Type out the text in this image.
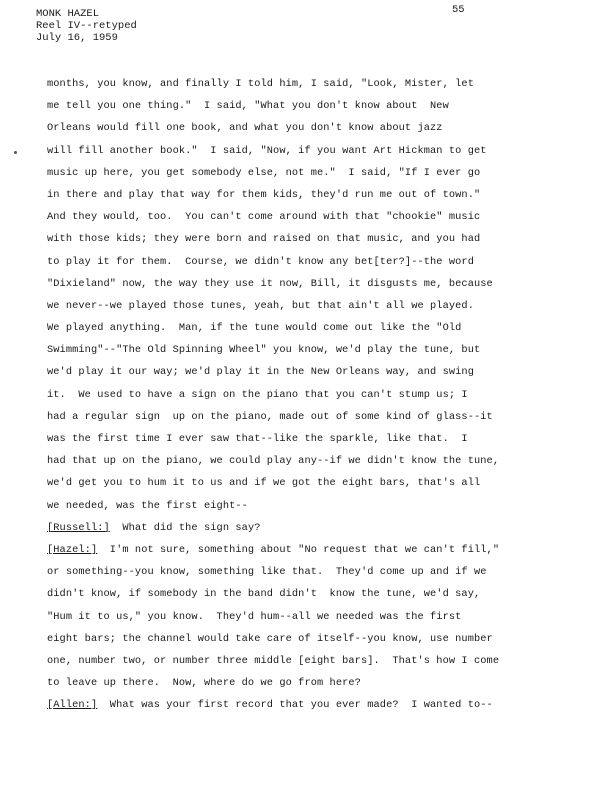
MONK HAZEL
Reel IV--retyped
July 16, 1959
55
months, you know, and finally I told him, I said, "Look, Mister, let
me tell you one thing."  I said, "What you don't know about  New
Orleans would fill one book, and what you don't know about jazz
will fill another book."  I said, "Now, if you want Art Hickman to get
music up here, you get somebody else, not me."  I said, "If I ever go
in there and play that way for them kids, they'd run me out of town."
And they would, too.  You can't come around with that "chookie" music
with those kids; they were born and raised on that music, and you had
to play it for them.  Course, we didn't know any bet[ter?]--the word
"Dixieland" now, the way they use it now, Bill, it disgusts me, because
we never--we played those tunes, yeah, but that ain't all we played.
We played anything.  Man, if the tune would come out like the "Old
Swimming"--"The Old Spinning Wheel" you know, we'd play the tune, but
we'd play it our way; we'd play it in the New Orleans way, and swing
it.  We used to have a sign on the piano that you can't stump us; I
had a regular sign  up on the piano, made out of some kind of glass--it
was the first time I ever saw that--like the sparkle, like that.  I
had that up on the piano, we could play any--if we didn't know the tune,
we'd get you to hum it to us and if we got the eight bars, that's all
we needed, was the first eight--
[Russell:]  What did the sign say?
[Hazel:]  I'm not sure, something about "No request that we can't fill,"
or something--you know, something like that.  They'd come up and if we
didn't know, if somebody in the band didn't  know the tune, we'd say,
"Hum it to us," you know.  They'd hum--all we needed was the first
eight bars; the channel would take care of itself--you know, use number
one, number two, or number three middle [eight bars].  That's how I come
to leave up there.  Now, where do we go from here?
[Allen:]  What was your first record that you ever made?  I wanted to--
